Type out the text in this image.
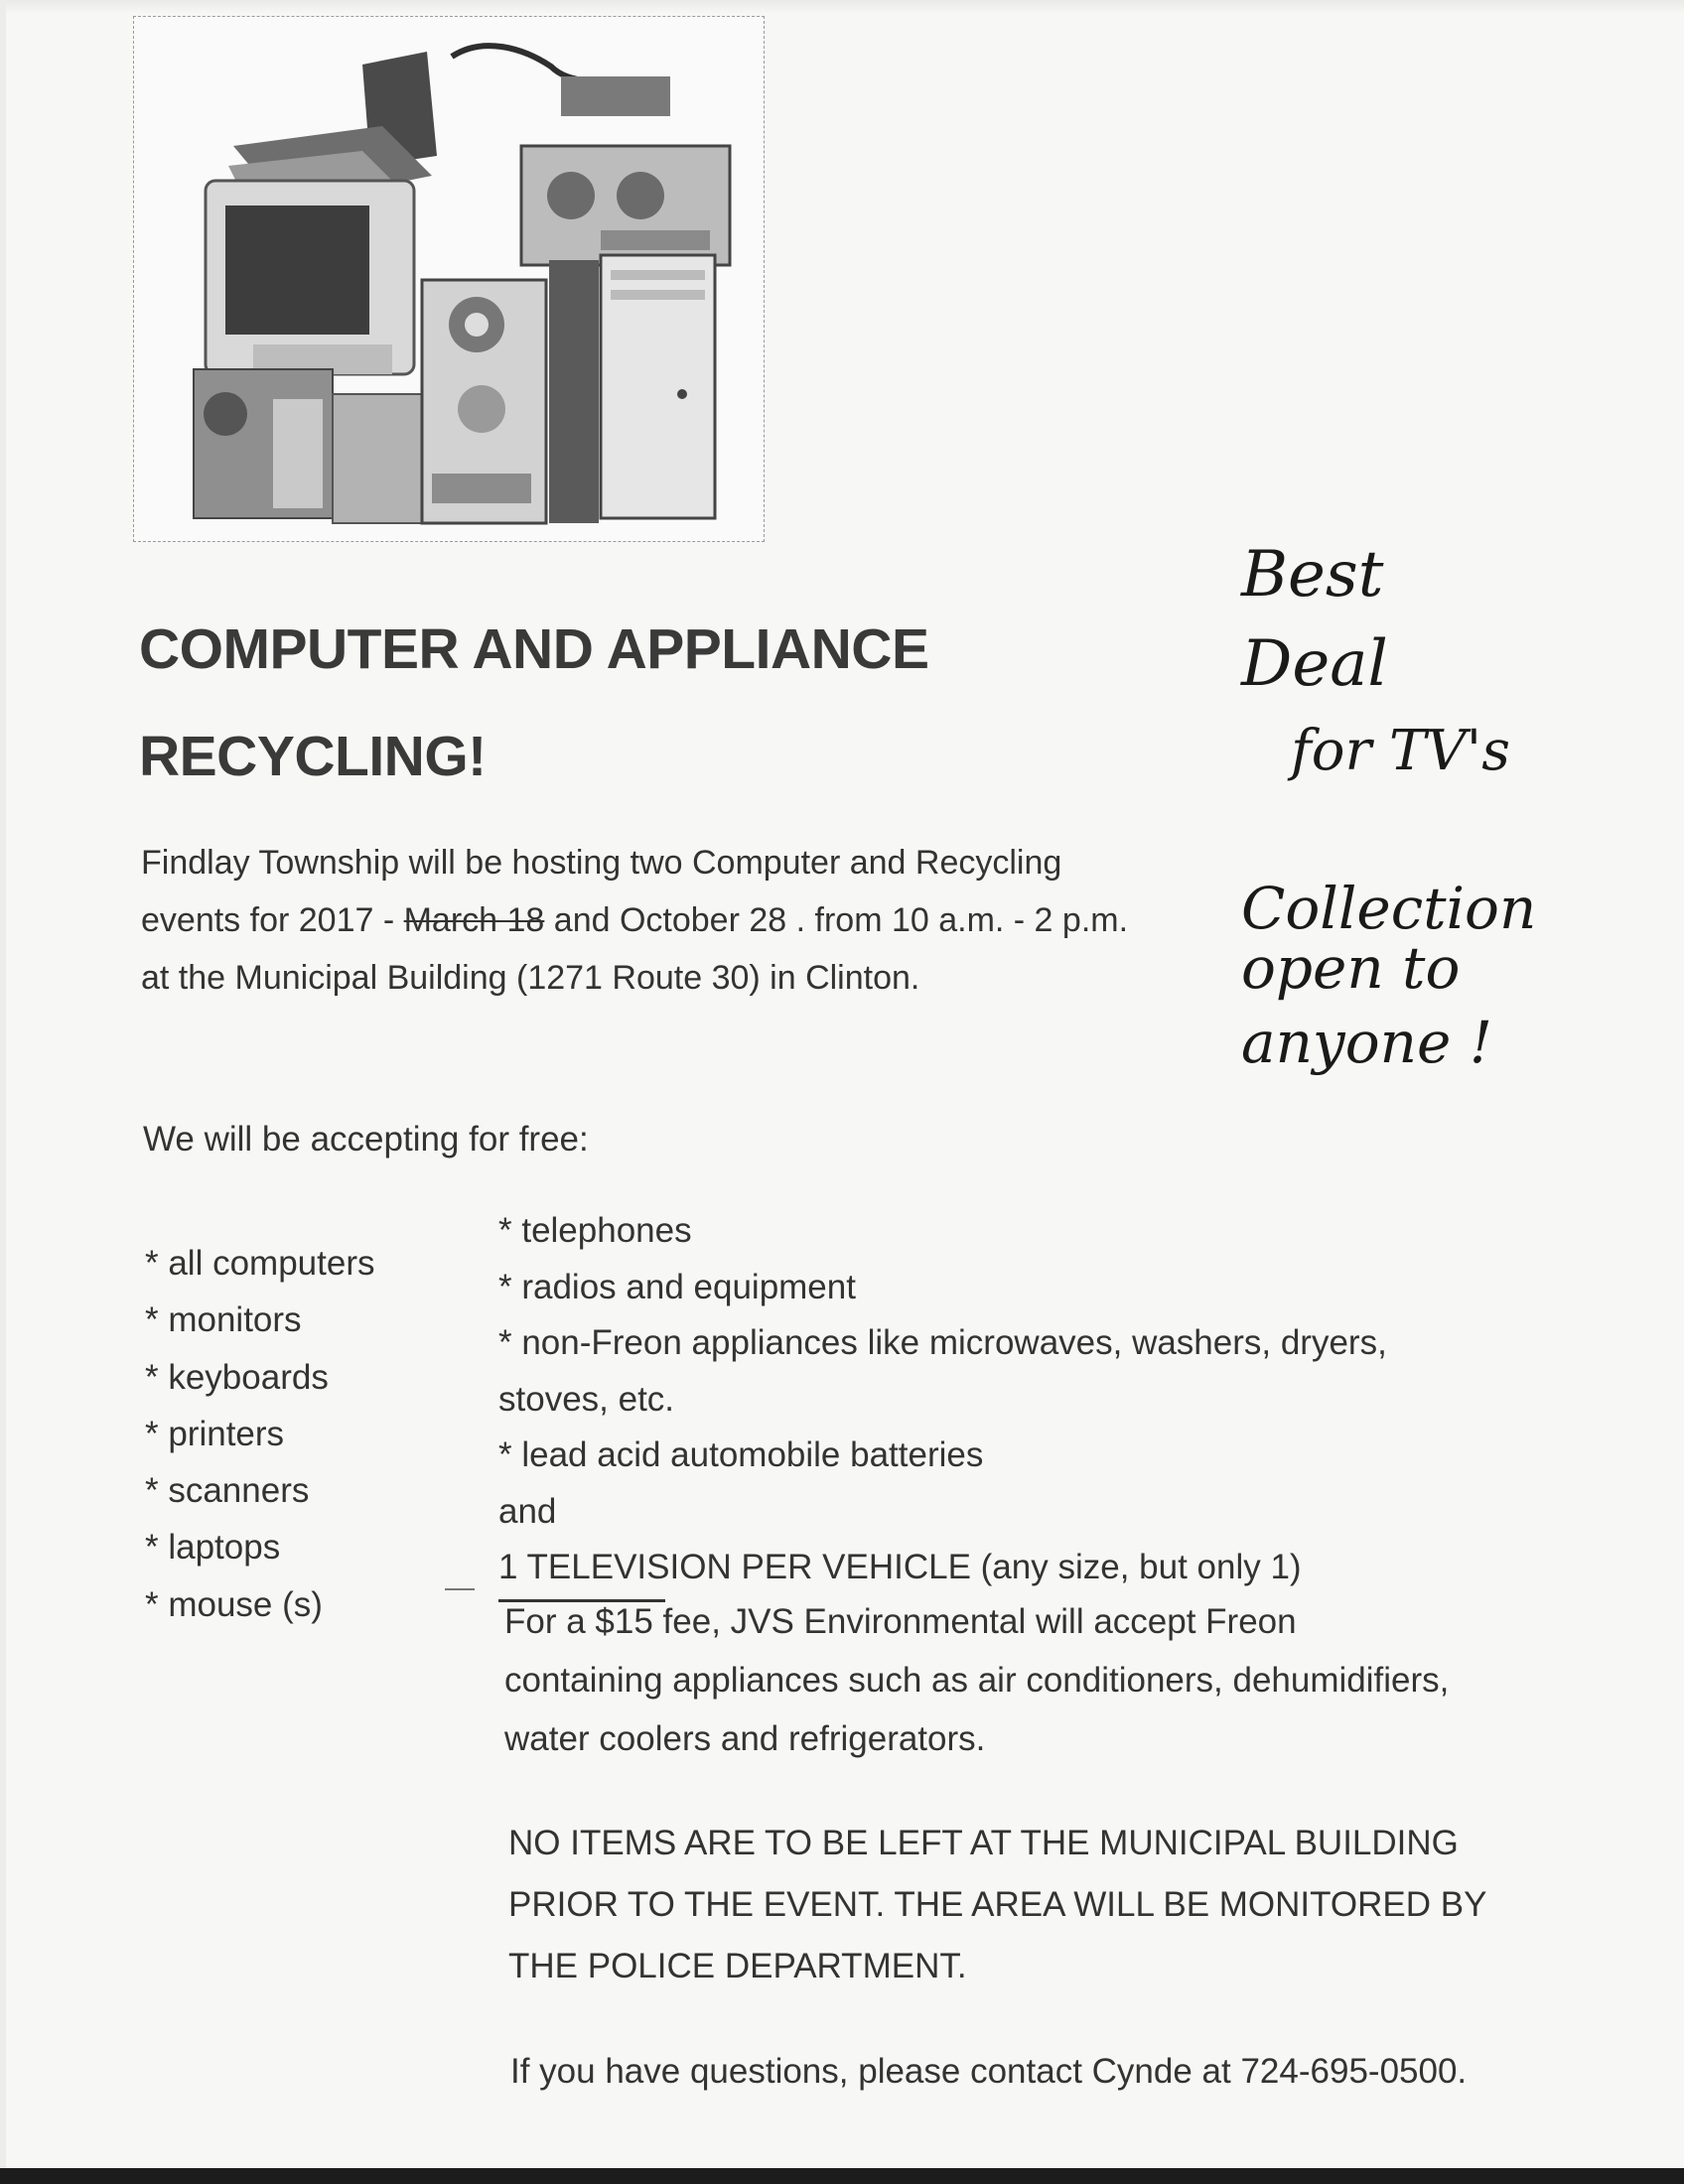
COMPUTER AND APPLIANCE
RECYCLING!

Findlay Township will be hosting two Computer and Recycling events for 2017 - March 18 and October 28 . from 10 a.m. - 2 p.m. at the Municipal Building (1271 Route 30) in Clinton.

We will be accepting for free:

* all computers
* monitors
* keyboards
* printers
* scanners
* laptops
* mouse (s)
* telephones
* radios and equipment
* non-Freon appliances like microwaves, washers, dryers, stoves, etc.
* lead acid automobile batteries
and
1 TELEVISION PER VEHICLE
(any size, but only 1)

For a $15 fee, JVS Environmental will accept Freon containing appliances such as air conditioners, dehumidifiers, water coolers and refrigerators.

NO ITEMS ARE TO BE LEFT AT THE MUNICIPAL BUILDING PRIOR TO THE EVENT. THE AREA WILL BE MONITORED BY THE POLICE DEPARTMENT.

If you have questions, please contact Cynde at 724-695-0500.

Best
Deal
for TV's
Collection
open to
anyone !
